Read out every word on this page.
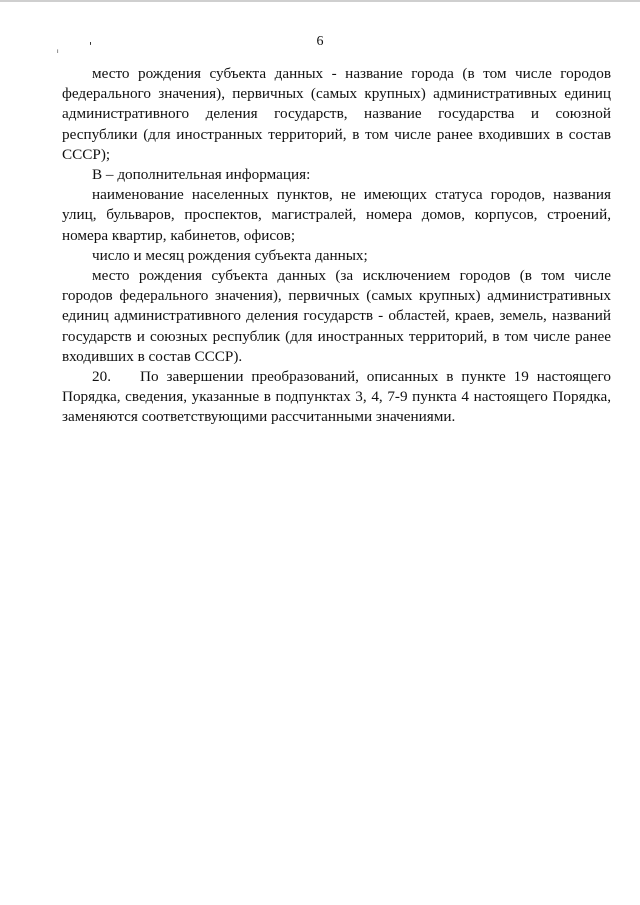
6
ᵢ	'

место рождения субъекта данных - название города (в том числе городов федерального значения), первичных (самых крупных) административных единиц административного деления государств, название государства и союзной республики (для иностранных территорий, в том числе ранее входивших в состав СССР);

В – дополнительная информация:

наименование населенных пунктов, не имеющих статуса городов, названия улиц, бульваров, проспектов, магистралей, номера домов, корпусов, строений, номера квартир, кабинетов, офисов;

число и месяц рождения субъекта данных;

место рождения субъекта данных (за исключением городов (в том числе городов федерального значения), первичных (самых крупных) административных единиц административного деления государств - областей, краев, земель, названий государств и союзных республик (для иностранных территорий, в том числе ранее входивших в состав СССР).

20. По завершении преобразований, описанных в пункте 19 настоящего Порядка, сведения, указанные в подпунктах 3, 4, 7-9 пункта 4 настоящего Порядка, заменяются соответствующими рассчитанными значениями.
